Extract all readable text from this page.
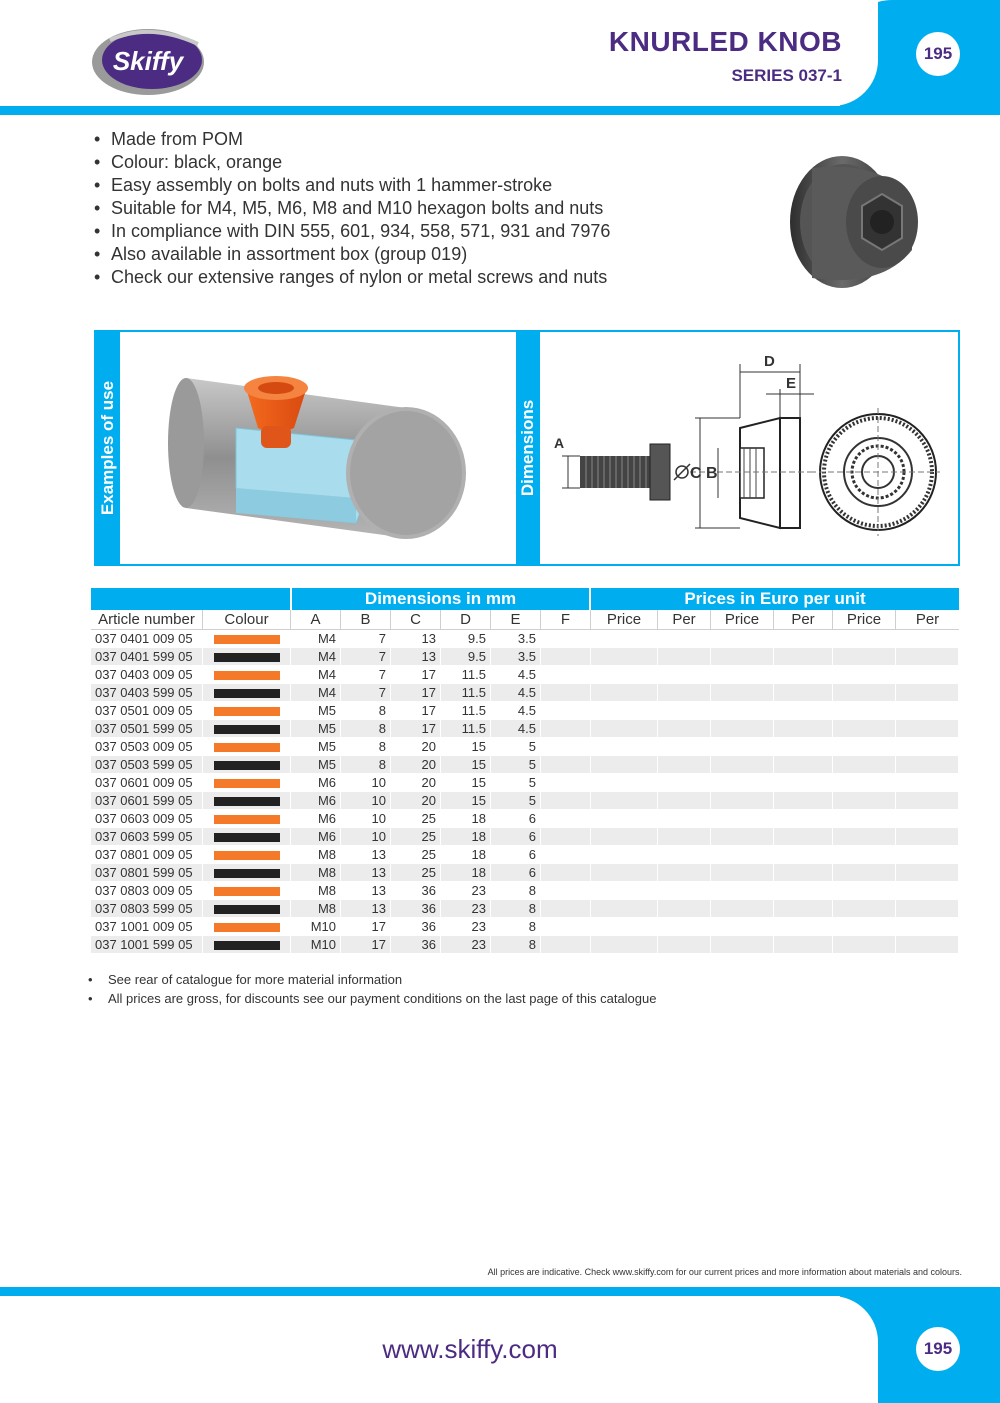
Skiffy
KNURLED KNOB
SERIES 037-1
195
• Made from POM
• Colour: black, orange
• Easy assembly on bolts and nuts with 1 hammer-stroke
• Suitable for M4, M5, M6, M8 and M10 hexagon bolts and nuts
• In compliance with DIN 555, 601, 934, 558, 571, 931 and 7976
• Also available in assortment box (group 019)
• Check our extensive ranges of nylon or metal screws and nuts
Examples of use	Dimensions A
C B
D
E
Dimensions in mm	Prices in Euro per unit
Article number	Colour	A	B	C	D	E	F	Price	Per	Price	Per	Price	Per
037 0401 009 05		M4	7	13	9.5	3.5							
037 0401 599 05		M4	7	13	9.5	3.5							
037 0403 009 05		M4	7	17	11.5	4.5							
037 0403 599 05		M4	7	17	11.5	4.5							
037 0501 009 05		M5	8	17	11.5	4.5							
037 0501 599 05		M5	8	17	11.5	4.5							
037 0503 009 05		M5	8	20	15	5							
037 0503 599 05		M5	8	20	15	5							
037 0601 009 05		M6	10	20	15	5							
037 0601 599 05		M6	10	20	15	5							
037 0603 009 05		M6	10	25	18	6							
037 0603 599 05		M6	10	25	18	6							
037 0801 009 05		M8	13	25	18	6							
037 0801 599 05		M8	13	25	18	6							
037 0803 009 05		M8	13	36	23	8							
037 0803 599 05		M8	13	36	23	8							
037 1001 009 05		M10	17	36	23	8							
037 1001 599 05		M10	17	36	23	8							
• See rear of catalogue for more material information
• All prices are gross, for discounts see our payment conditions on the last page of this catalogue
All prices are indicative. Check www.skiffy.com for our current prices and more information about materials and colours.
www.skiffy.com	195
